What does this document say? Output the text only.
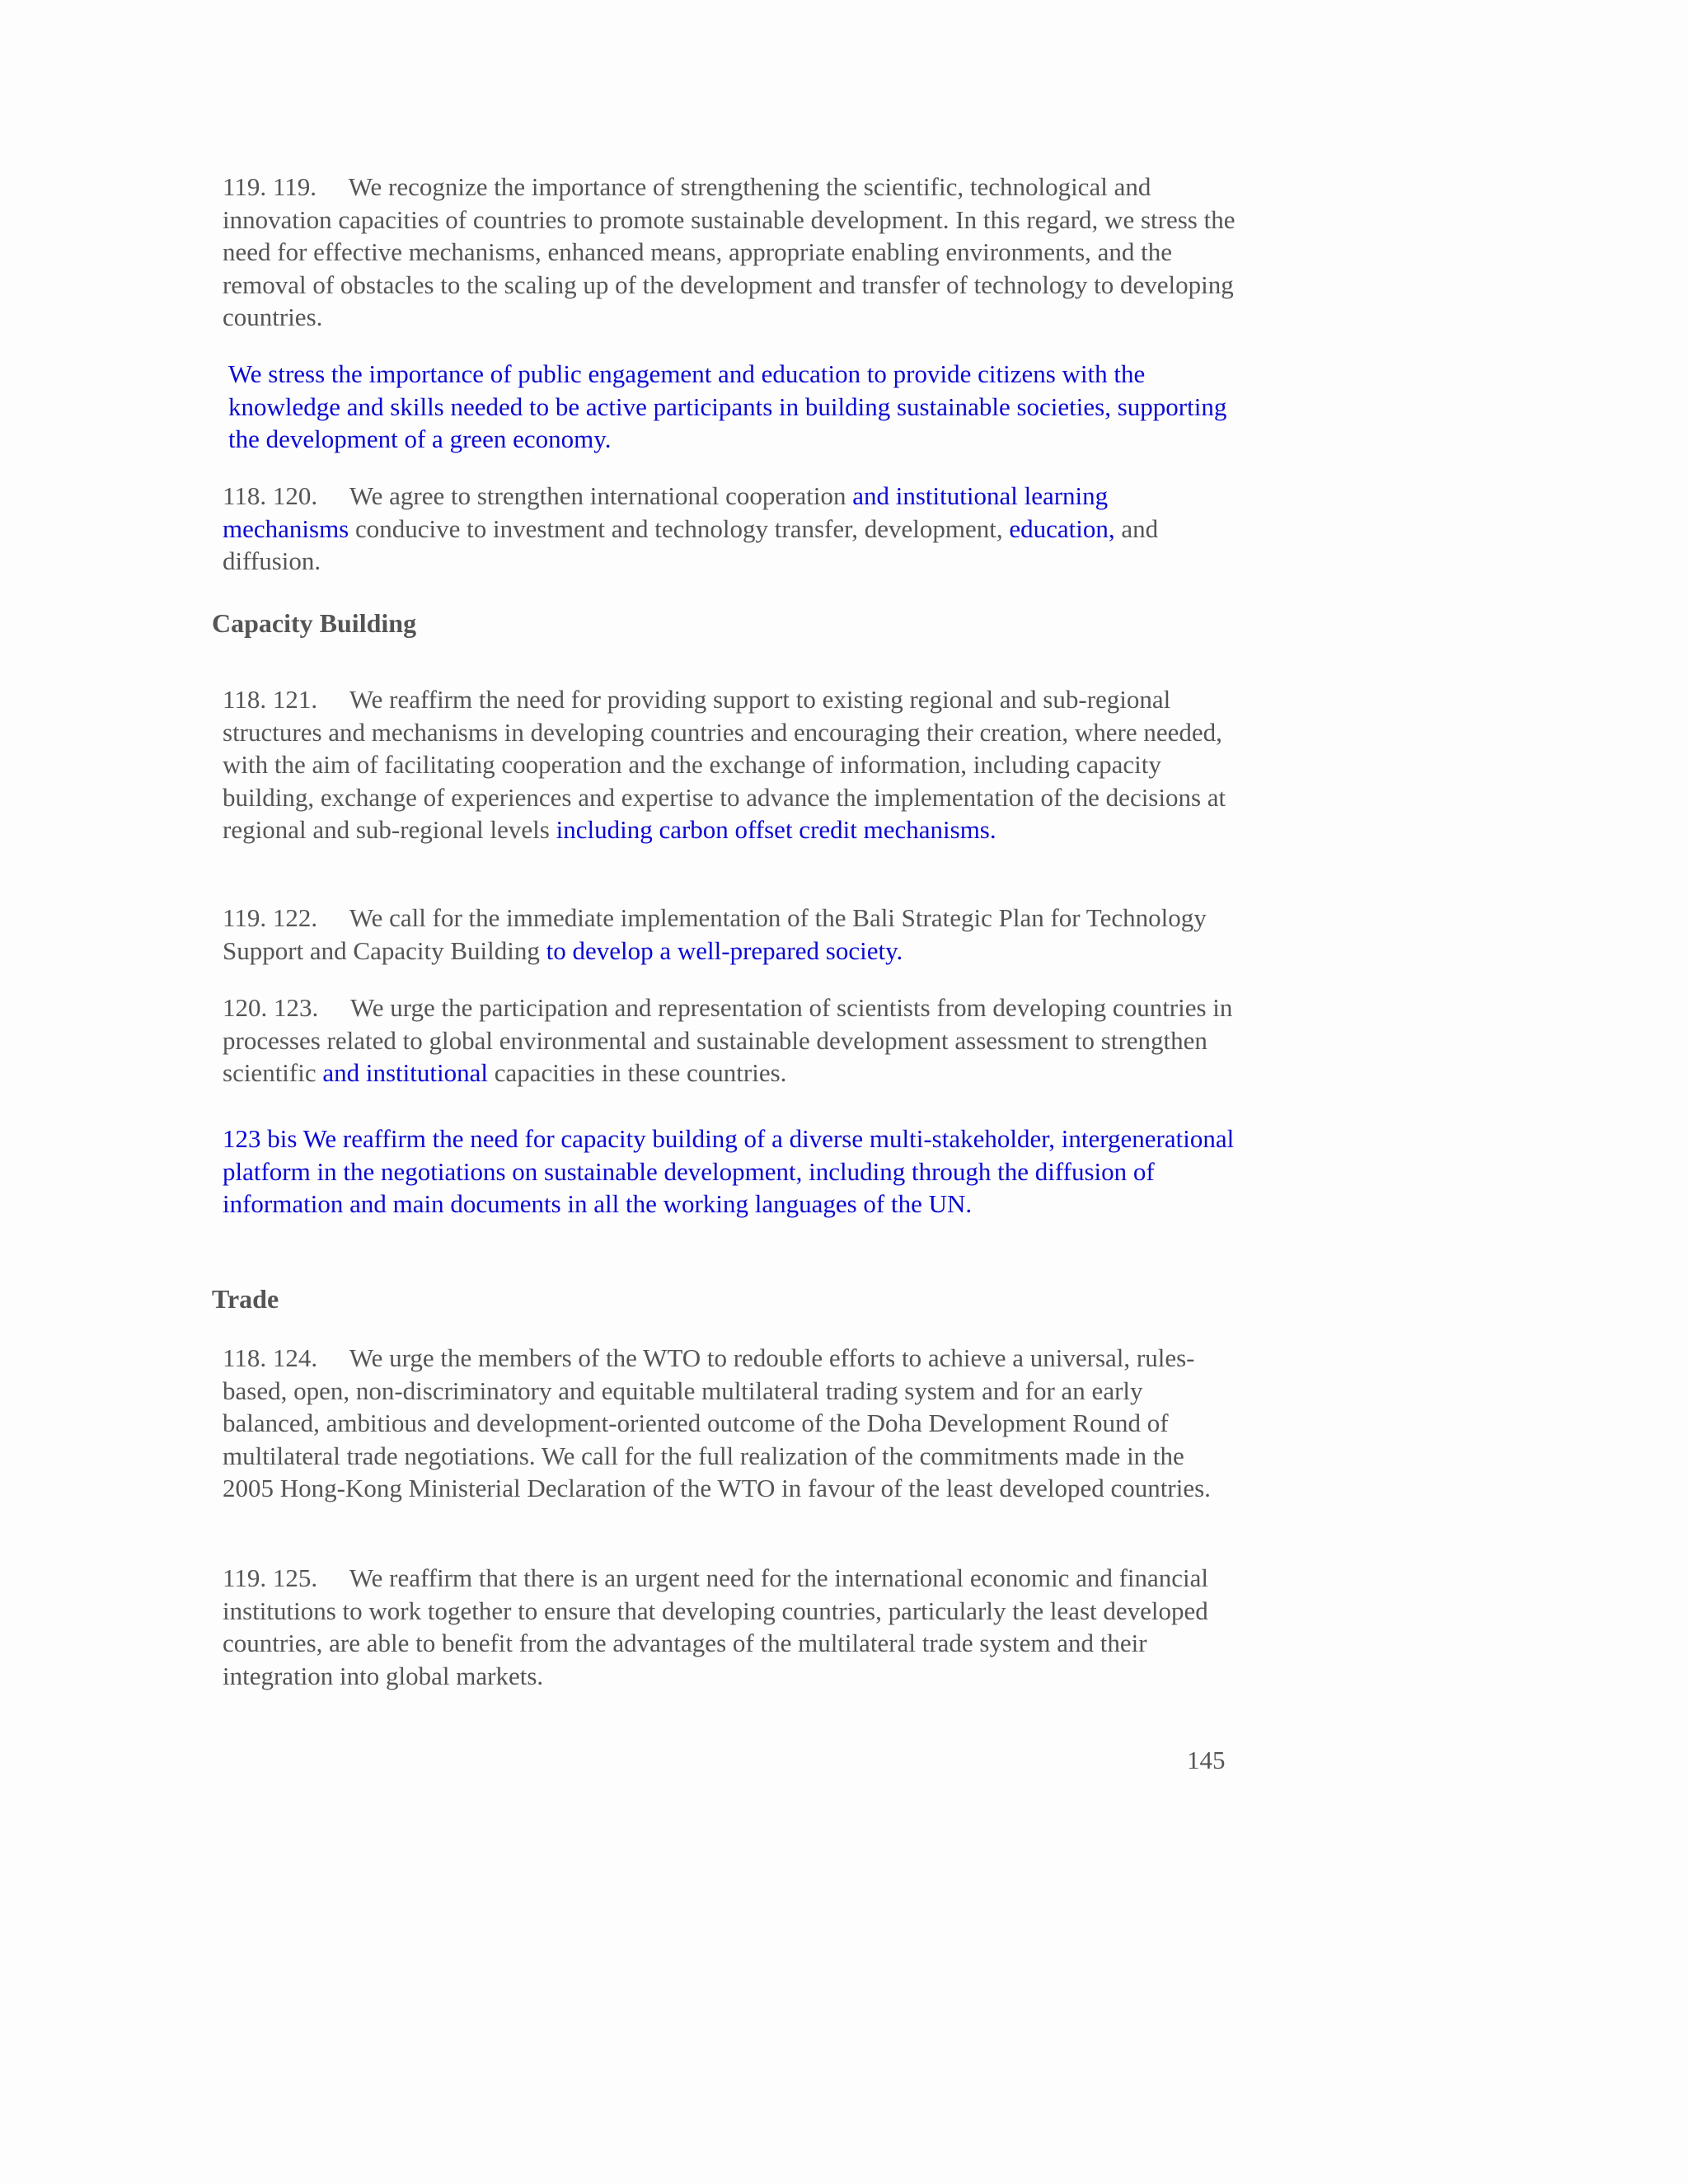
119. 119. We recognize the importance of strengthening the scientific, technological and innovation capacities of countries to promote sustainable development. In this regard, we stress the need for effective mechanisms, enhanced means, appropriate enabling environments, and the removal of obstacles to the scaling up of the development and transfer of technology to developing countries.

We stress the importance of public engagement and education to provide citizens with the knowledge and skills needed to be active participants in building sustainable societies, supporting the development of a green economy.

118. 120. We agree to strengthen international cooperation and institutional learning mechanisms conducive to investment and technology transfer, development, education, and diffusion.

Capacity Building

118. 121. We reaffirm the need for providing support to existing regional and sub-regional structures and mechanisms in developing countries and encouraging their creation, where needed, with the aim of facilitating cooperation and the exchange of information, including capacity building, exchange of experiences and expertise to advance the implementation of the decisions at regional and sub-regional levels including carbon offset credit mechanisms.

119. 122. We call for the immediate implementation of the Bali Strategic Plan for Technology Support and Capacity Building to develop a well-prepared society.

120. 123. We urge the participation and representation of scientists from developing countries in processes related to global environmental and sustainable development assessment to strengthen scientific and institutional capacities in these countries.

123 bis We reaffirm the need for capacity building of a diverse multi-stakeholder, intergenerational platform in the negotiations on sustainable development, including through the diffusion of information and main documents in all the working languages of the UN.

Trade

118. 124. We urge the members of the WTO to redouble efforts to achieve a universal, rules-based, open, non-discriminatory and equitable multilateral trading system and for an early balanced, ambitious and development-oriented outcome of the Doha Development Round of multilateral trade negotiations. We call for the full realization of the commitments made in the 2005 Hong-Kong Ministerial Declaration of the WTO in favour of the least developed countries.

119. 125. We reaffirm that there is an urgent need for the international economic and financial institutions to work together to ensure that developing countries, particularly the least developed countries, are able to benefit from the advantages of the multilateral trade system and their integration into global markets.

145
